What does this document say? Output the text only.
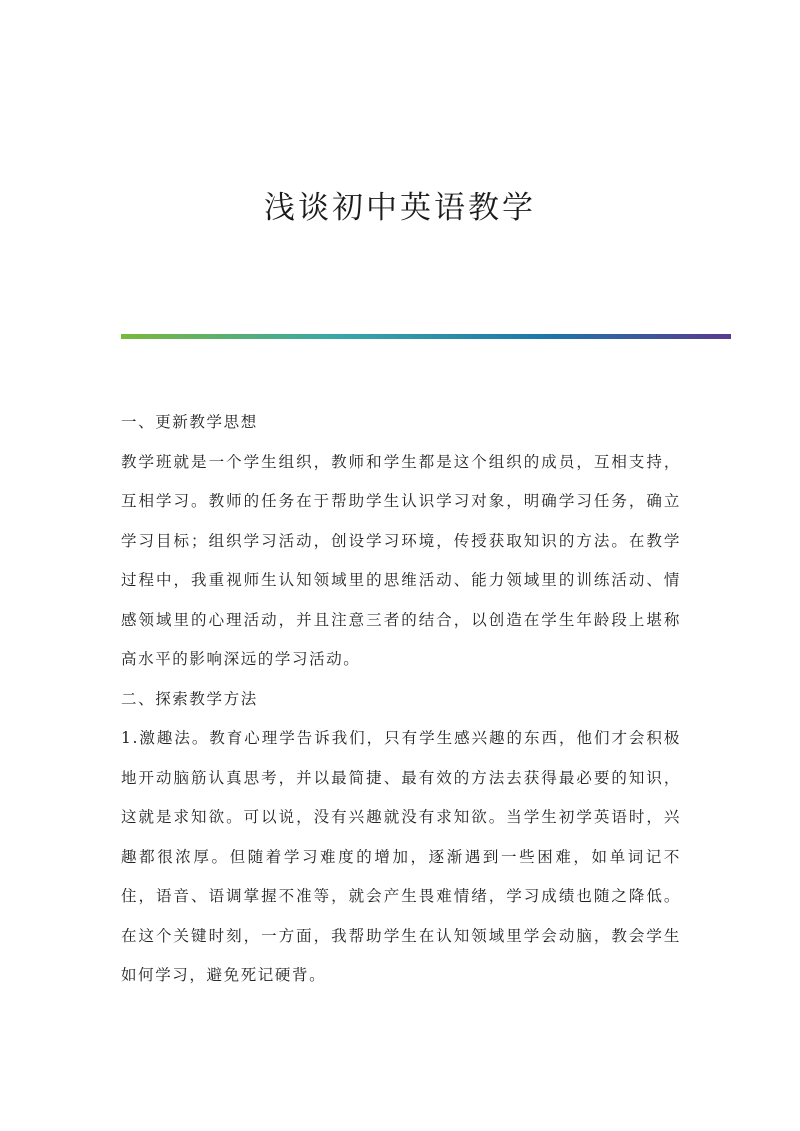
浅谈初中英语教学

一、更新教学思想

教学班就是一个学生组织，教师和学生都是这个组织的成员，互相支持，互相学习。教师的任务在于帮助学生认识学习对象，明确学习任务，确立学习目标；组织学习活动，创设学习环境，传授获取知识的方法。在教学过程中，我重视师生认知领域里的思维活动、能力领域里的训练活动、情感领域里的心理活动，并且注意三者的结合，以创造在学生年龄段上堪称高水平的影响深远的学习活动。

二、探索教学方法

1.激趣法。教育心理学告诉我们，只有学生感兴趣的东西，他们才会积极地开动脑筋认真思考，并以最简捷、最有效的方法去获得最必要的知识，这就是求知欲。可以说，没有兴趣就没有求知欲。当学生初学英语时，兴趣都很浓厚。但随着学习难度的增加，逐渐遇到一些困难，如单词记不住，语音、语调掌握不准等，就会产生畏难情绪，学习成绩也随之降低。在这个关键时刻，一方面，我帮助学生在认知领域里学会动脑，教会学生如何学习，避免死记硬背。
